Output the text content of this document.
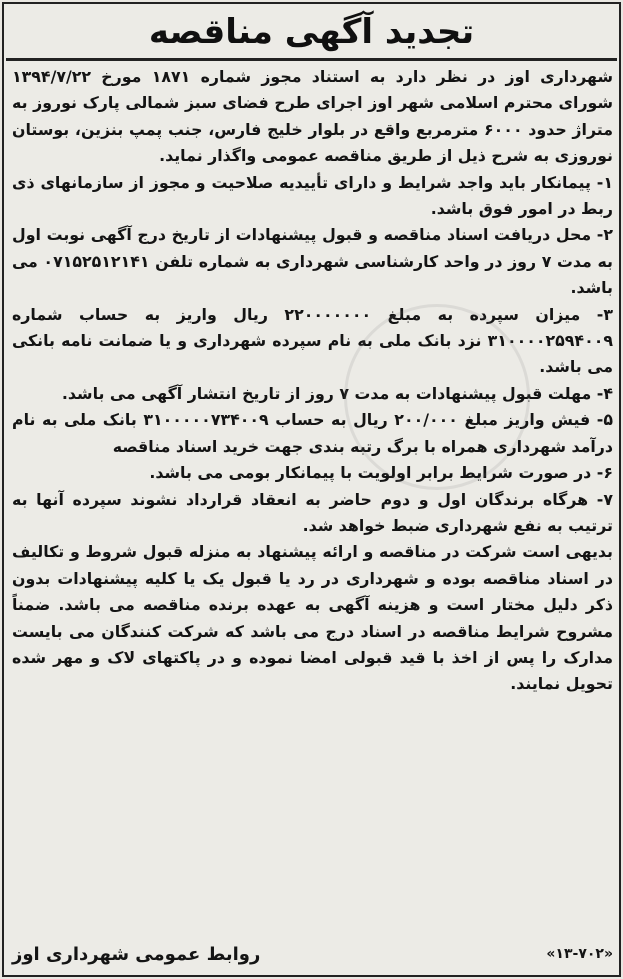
تجدید آگهی مناقصه

شهرداری اوز در نظر دارد به استناد مجوز شماره ۱۸۷۱ مورخ ۱۳۹۴/۷/۲۲ شورای محترم اسلامی شهر اوز اجرای طرح فضای سبز شمالی پارک نوروز به متراژ حدود ۶۰۰۰ مترمربع واقع در بلوار خلیج فارس، جنب پمپ بنزین، بوستان نوروزی به شرح ذیل از طریق مناقصه عمومی واگذار نماید.

۱- پیمانکار باید واجد شرایط و دارای تأییدیه صلاحیت و مجوز از سازمانهای ذی ربط در امور فوق باشد.

۲- محل دریافت اسناد مناقصه و قبول پیشنهادات از تاریخ درج آگهی نوبت اول به مدت ۷ روز در واحد کارشناسی شهرداری به شماره تلفن ۰۷۱۵۲۵۱۲۱۴۱ می باشد.

۳- میزان سپرده به مبلغ ۲۲۰۰۰۰۰۰۰ ریال واریز به حساب شماره ۳۱۰۰۰۰۲۵۹۴۰۰۹ نزد بانک ملی به نام سپرده شهرداری و یا ضمانت نامه بانکی می باشد.

۴- مهلت قبول پیشنهادات به مدت ۷ روز از تاریخ انتشار آگهی می باشد.

۵- فیش واریز مبلغ ۲۰۰/۰۰۰ ریال به حساب ۳۱۰۰۰۰۰۷۳۴۰۰۹ بانک ملی به نام درآمد شهرداری همراه با برگ رتبه بندی جهت خرید اسناد مناقصه

۶- در صورت شرایط برابر اولویت با پیمانکار بومی می باشد.

۷- هرگاه برندگان اول و دوم حاضر به انعقاد قرارداد نشوند سپرده آنها به ترتیب به نفع شهرداری ضبط خواهد شد.

بدیهی است شرکت در مناقصه و ارائه پیشنهاد به منزله قبول شروط و تکالیف در اسناد مناقصه بوده و شهرداری در رد یا قبول یک یا کلیه پیشنهادات بدون ذکر دلیل مختار است و هزینه آگهی به عهده برنده مناقصه می باشد. ضمناً مشروح شرایط مناقصه در اسناد درج می باشد که شرکت کنندگان می بایست مدارک را پس از اخذ با قید قبولی امضا نموده و در پاکتهای لاک و مهر شده تحویل نمایند.

«۱۳-۷۰۲»
روابط عمومی شهرداری اوز
